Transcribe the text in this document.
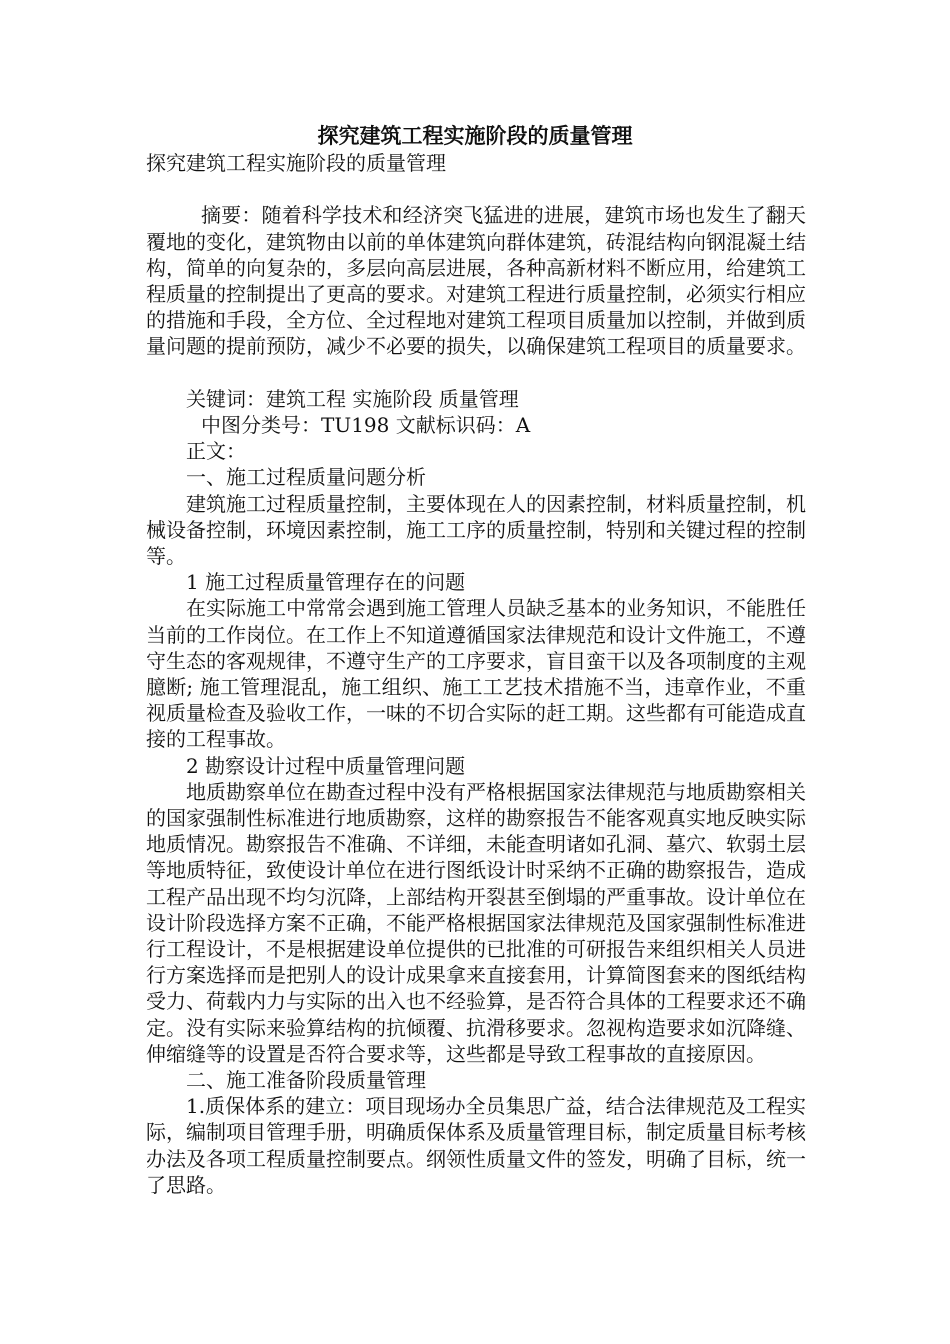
探究建筑工程实施阶段的质量管理

探究建筑工程实施阶段的质量管理

摘要：随着科学技术和经济突飞猛进的进展，建筑市场也发生了翻天覆地的变化，建筑物由以前的单体建筑向群体建筑，砖混结构向钢混凝土结构，简单的向复杂的，多层向高层进展，各种高新材料不断应用，给建筑工程质量的控制提出了更高的要求。对建筑工程进行质量控制，必须实行相应的措施和手段，全方位、全过程地对建筑工程项目质量加以控制，并做到质量问题的提前预防，减少不必要的损失，以确保建筑工程项目的质量要求。

关键词：建筑工程 实施阶段 质量管理

中图分类号：TU198 文献标识码：A

正文：

一、施工过程质量问题分析

建筑施工过程质量控制，主要体现在人的因素控制，材料质量控制，机械设备控制，环境因素控制，施工工序的质量控制，特别和关键过程的控制等。

1 施工过程质量管理存在的问题

在实际施工中常常会遇到施工管理人员缺乏基本的业务知识，不能胜任当前的工作岗位。在工作上不知道遵循国家法律规范和设计文件施工，不遵守生态的客观规律，不遵守生产的工序要求，盲目蛮干以及各项制度的主观臆断; 施工管理混乱，施工组织、施工工艺技术措施不当，违章作业，不重视质量检查及验收工作，一味的不切合实际的赶工期。这些都有可能造成直接的工程事故。

2 勘察设计过程中质量管理问题

地质勘察单位在勘查过程中没有严格根据国家法律规范与地质勘察相关的国家强制性标准进行地质勘察，这样的勘察报告不能客观真实地反映实际地质情况。勘察报告不准确、不详细，未能查明诸如孔洞、墓穴、软弱土层等地质特征，致使设计单位在进行图纸设计时采纳不正确的勘察报告，造成工程产品出现不均匀沉降，上部结构开裂甚至倒塌的严重事故。设计单位在设计阶段选择方案不正确，不能严格根据国家法律规范及国家强制性标准进行工程设计，不是根据建设单位提供的已批准的可研报告来组织相关人员进行方案选择而是把别人的设计成果拿来直接套用，计算简图套来的图纸结构受力、荷载内力与实际的出入也不经验算，是否符合具体的工程要求还不确定。没有实际来验算结构的抗倾覆、抗滑移要求。忽视构造要求如沉降缝、伸缩缝等的设置是否符合要求等，这些都是导致工程事故的直接原因。

二、施工准备阶段质量管理

1.质保体系的建立：项目现场办全员集思广益，结合法律规范及工程实际，编制项目管理手册，明确质保体系及质量管理目标，制定质量目标考核办法及各项工程质量控制要点。纲领性质量文件的签发，明确了目标，统一了思路。
